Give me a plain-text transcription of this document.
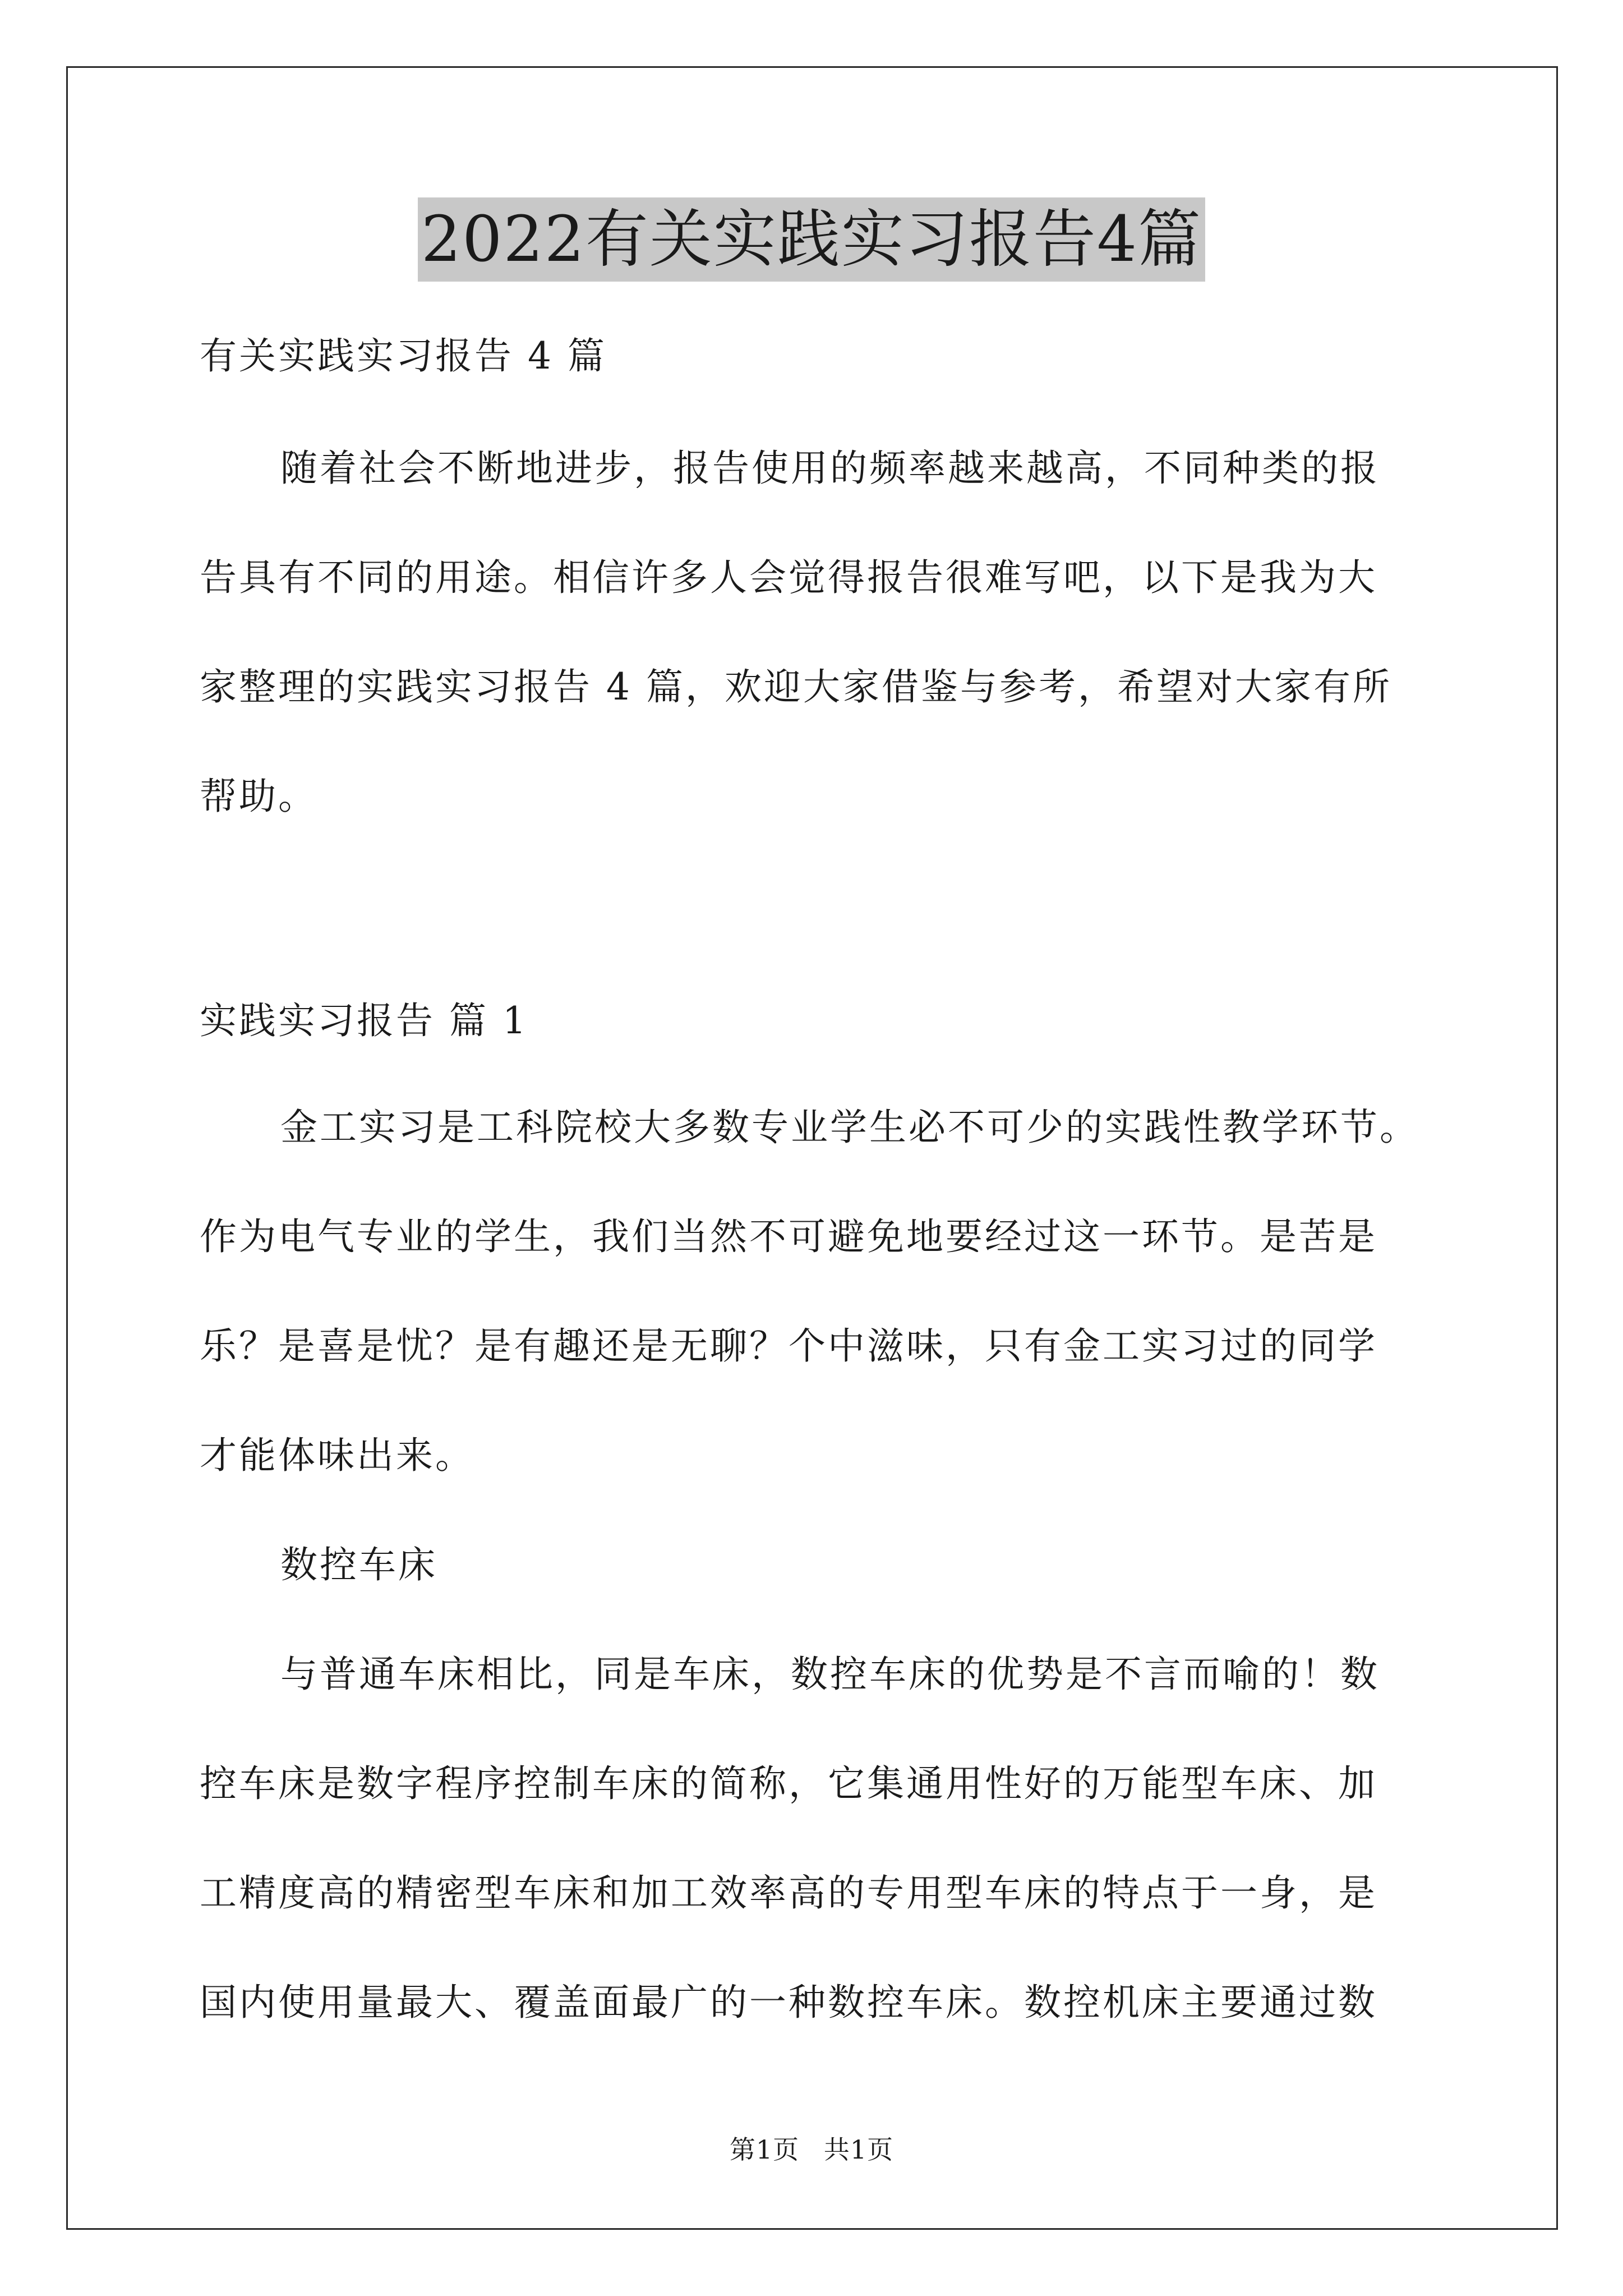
2022有关实践实习报告4篇
有关实践实习报告 4 篇
随着社会不断地进步，报告使用的频率越来越高，不同种类的报
告具有不同的用途。相信许多人会觉得报告很难写吧，以下是我为大
家整理的实践实习报告 4 篇，欢迎大家借鉴与参考，希望对大家有所
帮助。
实践实习报告 篇 1
金工实习是工科院校大多数专业学生必不可少的实践性教学环节。
作为电气专业的学生，我们当然不可避免地要经过这一环节。是苦是
乐？是喜是忧？是有趣还是无聊？个中滋味，只有金工实习过的同学
才能体味出来。
数控车床
与普通车床相比，同是车床，数控车床的优势是不言而喻的！数
控车床是数字程序控制车床的简称，它集通用性好的万能型车床、加
工精度高的精密型车床和加工效率高的专用型车床的特点于一身，是
国内使用量最大、覆盖面最广的一种数控车床。数控机床主要通过数
第1页 共1页
